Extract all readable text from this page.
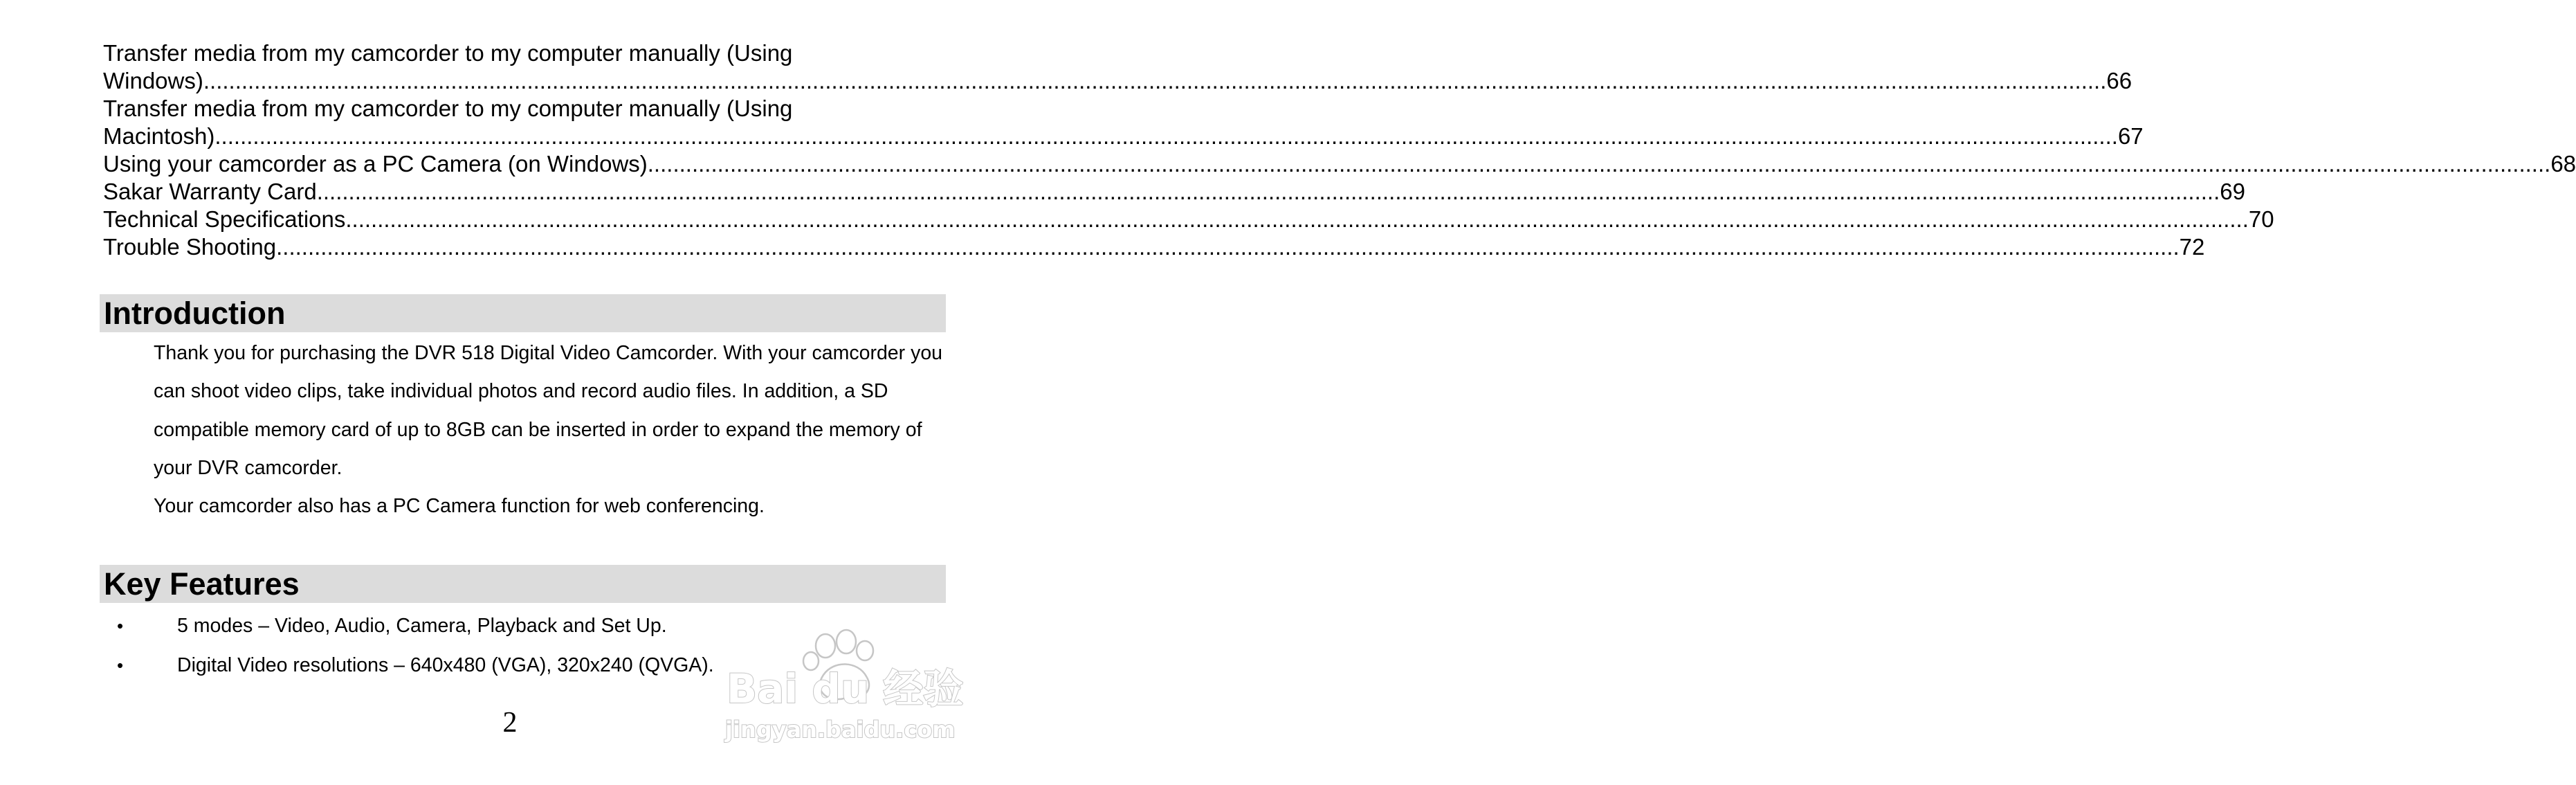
Transfer media from my camcorder to my computer manually (Using
Windows) ............................................................................................................................................................................................................................................................................................................ 66
Transfer media from my camcorder to my computer manually (Using
Macintosh) ............................................................................................................................................................................................................................................................................................................ 67
Using your camcorder as a PC Camera (on Windows) ............................................................................................................................................................................................................................................................................................................ 68
Sakar Warranty Card ............................................................................................................................................................................................................................................................................................................ 69
Technical Specifications ............................................................................................................................................................................................................................................................................................................ 70
Trouble Shooting ............................................................................................................................................................................................................................................................................................................ 72
Introduction

Thank you for purchasing the DVR 518 Digital Video Camcorder. With your camcorder you can shoot video clips, take individual photos and record audio files. In addition, a SD compatible memory card of up to 8GB can be inserted in order to expand the memory of your DVR camcorder.

Your camcorder also has a PC Camera function for web conferencing.

Key Features
•	5 modes – Video, Audio, Camera, Playback and Set Up.
•	Digital Video resolutions – 640x480 (VGA), 320x240 (QVGA).
2
Bai du 经验
jingyan.baidu.com
